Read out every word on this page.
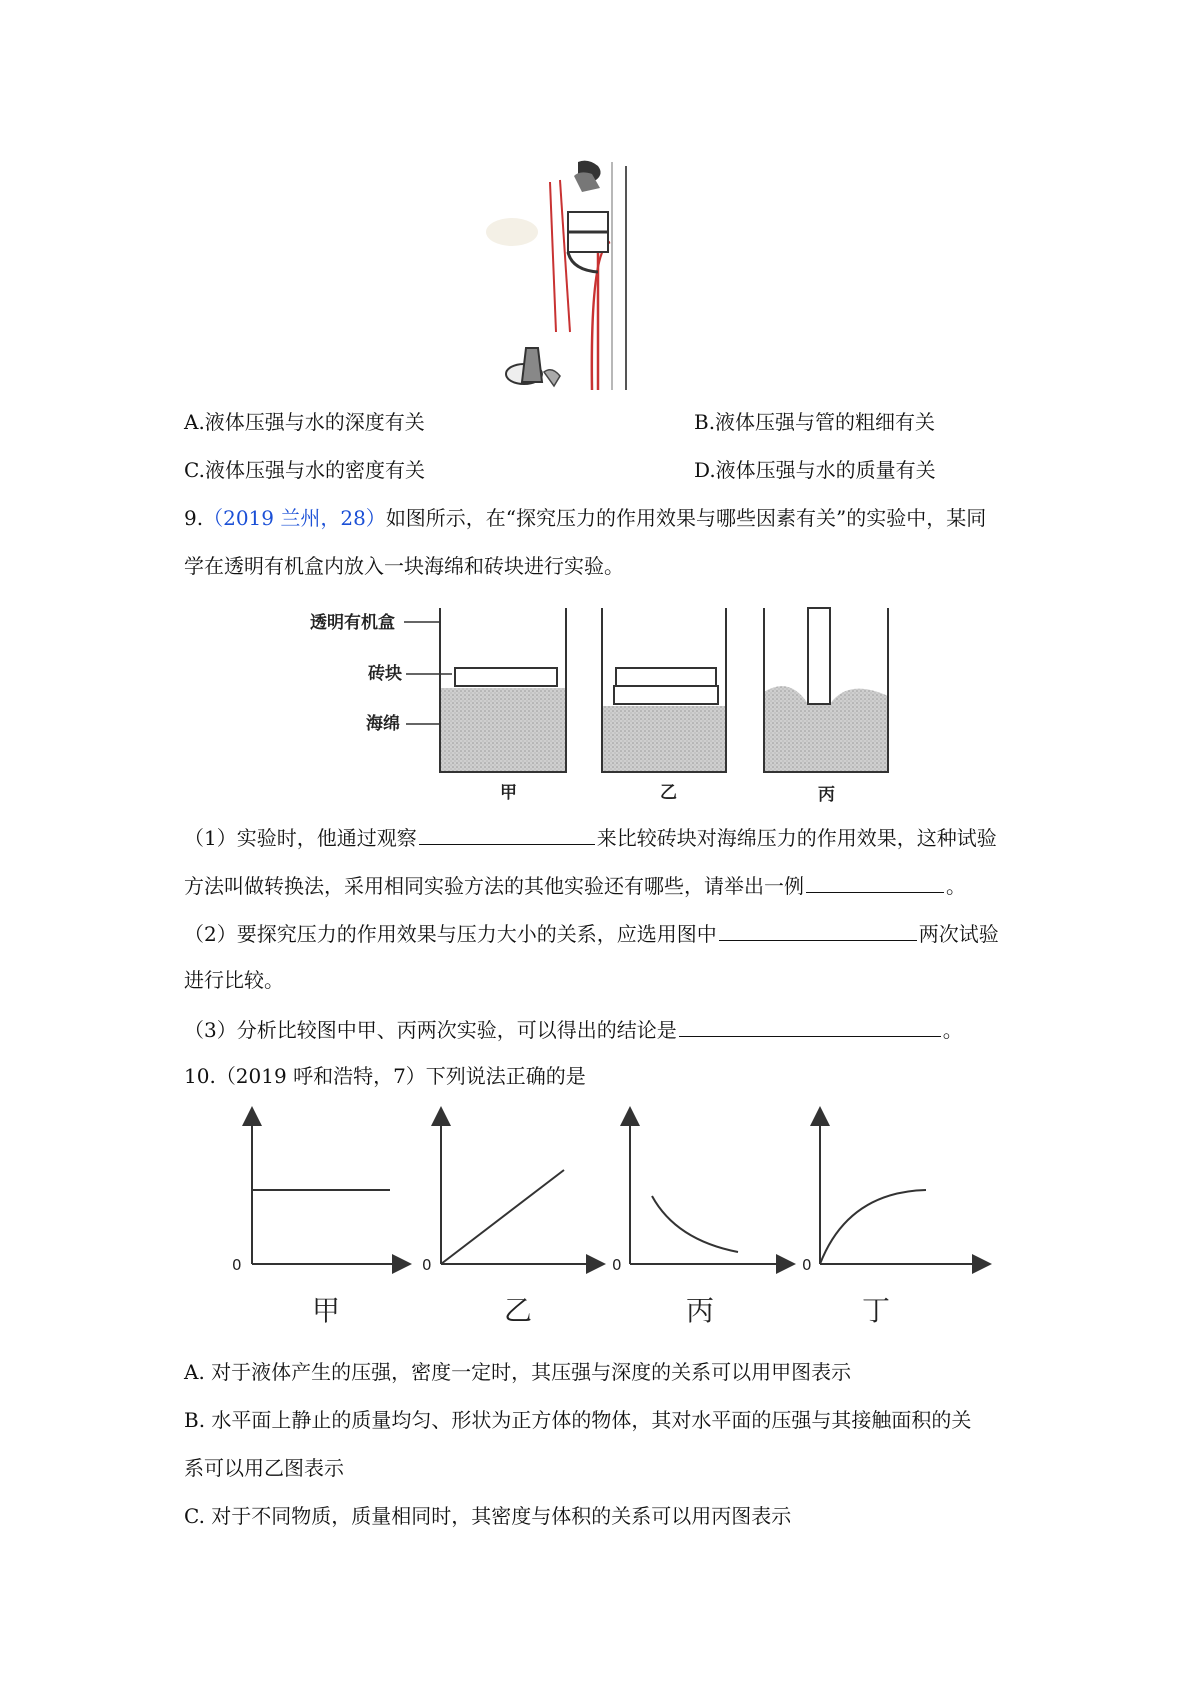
A.液体压强与水的深度有关	B.液体压强与管的粗细有关
C.液体压强与水的密度有关	D.液体压强与水的质量有关
9.（2019 兰州，28）如图所示，在“探究压力的作用效果与哪些因素有关”的实验中，某同
学在透明有机盒内放入一块海绵和砖块进行实验。
透明有机盒
砖块
海绵
甲	乙	丙
（1）实验时，他通过观察	来比较砖块对海绵压力的作用效果，这种试验
方法叫做转换法，采用相同实验方法的其他实验还有哪些，请举出一例	。
（2）要探究压力的作用效果与压力大小的关系，应选用图中	两次试验
进行比较。
（3）分析比较图中甲、丙两次实验，可以得出的结论是	。
10.（2019 呼和浩特，7）下列说法正确的是
0
甲
0
乙
0
丙
0
丁
A. 对于液体产生的压强，密度一定时，其压强与深度的关系可以用甲图表示
B. 水平面上静止的质量均匀、形状为正方体的物体，其对水平面的压强与其接触面积的关
系可以用乙图表示
C. 对于不同物质，质量相同时，其密度与体积的关系可以用丙图表示
